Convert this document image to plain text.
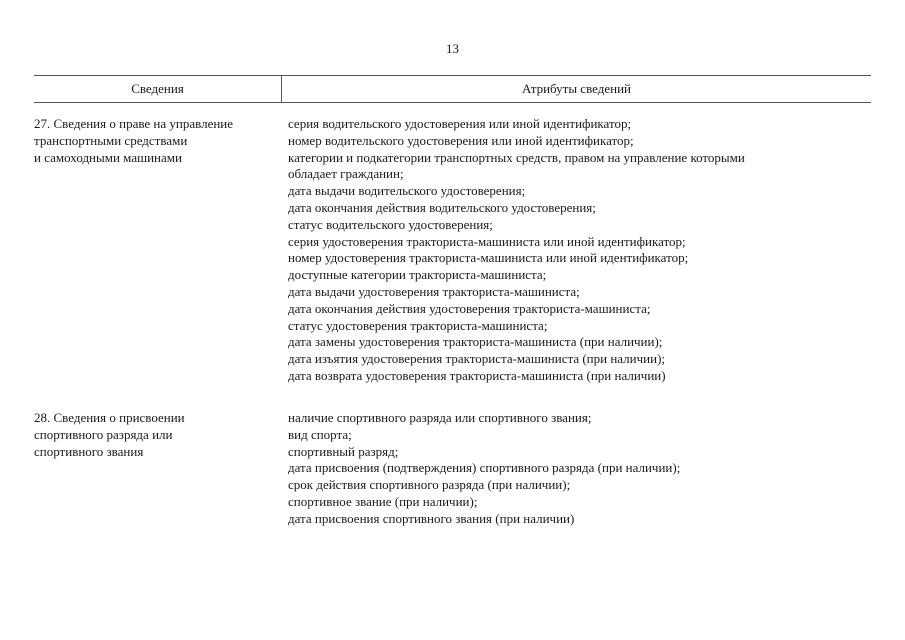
13
Сведения	Атрибуты сведений
27. Сведения о праве на управление
транспортными средствами
и самоходными машинами
серия водительского удостоверения или иной идентификатор;
номер водительского удостоверения или иной идентификатор;
категории и подкатегории транспортных средств, правом на управление которыми
обладает гражданин;
дата выдачи водительского удостоверения;
дата окончания действия водительского удостоверения;
статус водительского удостоверения;
серия удостоверения тракториста-машиниста или иной идентификатор;
номер удостоверения тракториста-машиниста или иной идентификатор;
доступные категории тракториста-машиниста;
дата выдачи удостоверения тракториста-машиниста;
дата окончания действия удостоверения тракториста-машиниста;
статус удостоверения тракториста-машиниста;
дата замены удостоверения тракториста-машиниста (при наличии);
дата изъятия удостоверения тракториста-машиниста (при наличии);
дата возврата удостоверения тракториста-машиниста (при наличии)
28. Сведения о присвоении
спортивного разряда или
спортивного звания
наличие спортивного разряда или спортивного звания;
вид спорта;
спортивный разряд;
дата присвоения (подтверждения) спортивного разряда (при наличии);
срок действия спортивного разряда (при наличии);
спортивное звание (при наличии);
дата присвоения спортивного звания (при наличии)
